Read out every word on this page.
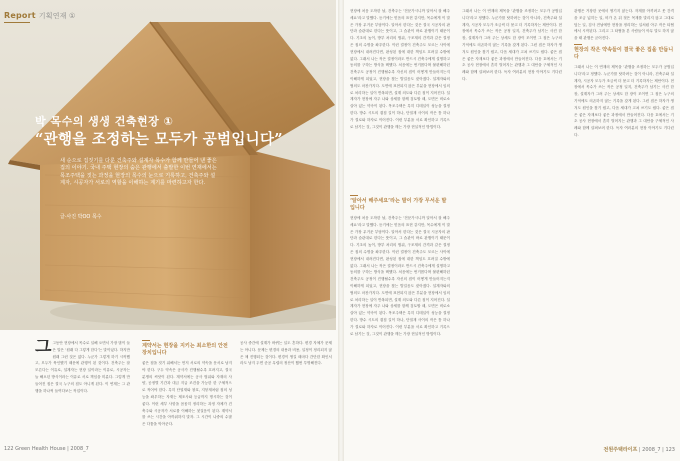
Report 기획연재 ①
박 목수의 생생 건축현장 ①
“관행을 조정하는 모두가 공범입니다”
새 순으로 집짓기를 다룬 건축주와 설계자 목수가 함께 만들어 낸 좋은 집의 이야기. 국내 주택 현장의 숨은 관행에서 출발한 이번 연재에서는 목조주택을 짓는 과정을 현장의 목수의 눈으로 기록하고, 건축주와 설계자, 시공자가 서로의 역할을 이해하는 계기를 마련하고자 한다.
글·사진 박OO 목수

그그동안 현장에서 목수로 일해 오면서 가장 많이 들은 말은 ‘원래 다 그렇게 한다’는 말이었다. 하지만 원래 그런 것은 없다. 누군가 그렇게 하기 시작했고, 모두가 묵인했기 때문에 관행이 된 것이다. 건축주는 잘 모른다는 이유로, 설계자는 현장 일이라는 이유로, 시공자는 늘 해오던 방식이라는 이유로 서로 책임을 미룬다. 그렇게 만들어진 집은 결국 누구의 집도 아니게 된다. 이 연재는 그 관행을 하나씩 들여다보는 작업이다.

계약서는 현장을 지키는 최소한의 안전장치입니다

좋은 집을 짓기 위해서는 먼저 서로의 약속을 문서로 남겨야 한다. 구두 약속은 공사가 진행될수록 흐려지고, 결국 분쟁의 씨앗이 된다. 계약서에는 공사 범위와 자재의 사양, 공정별 기간과 대금 지급 조건을 가능한 한 구체적으로 적어야 한다. 특히 단열재와 창호, 지붕재처럼 집의 성능을 좌우하는 자재는 제조사와 등급까지 명시하는 것이 좋다. 이런 세부 사항을 꼼꼼히 정리하는 과정 자체가 건축주와 시공자가 서로를 이해하는 첫걸음이 된다. 계약서를 쓰는 시간을 아까워하지 말자. 그 시간이 나중의 수많은 다툼을 막아준다.

공사 중간에 설계가 바뀌는 일도 흔하다. 변경 자체가 문제는 아니다. 문제는 변경의 내용과 비용, 일정이 정리되지 않은 채 진행되는 것이다. 변경이 생길 때마다 간단한 확인서라도 남겨 두면 준공 무렵의 정산이 훨씬 투명해진다.

현장에 처음 도착한 날, 건축주는 ‘전문가시니까 알아서 잘 해주세요’라고 말했다. 듣기에는 믿음의 표현 같지만, 목수에게 이 말은 가장 무거운 부담이다. 알아서 한다는 것은 결국 시공자의 판단과 습관대로 한다는 뜻이고, 그 습관이 바로 관행이기 때문이다. 기초의 높이, 방부 처리의 범위, 구조재의 간격과 같은 결정은 집의 수명을 좌우한다. 이런 결정이 건축주도 모르는 사이에 현장에서 내려진다면, 완성된 집에 대한 책임도 흐려질 수밖에 없다. 그래서 나는 작은 결정이라도 반드시 건축주에게 설명하고 동의를 구하는 방식을 택했다. 처음에는 번거롭다며 불편해하던 건축주도 공정이 진행될수록 자신의 집이 어떻게 만들어지는지 이해하게 되었고, 현장을 찾는 발걸음도 잦아졌다. 설계자와의 협의도 마찬가지다. 도면에 표현되지 않은 부분을 현장에서 임의로 처리하는 일이 반복되면, 설계 의도와 다른 집이 지어진다. 설계자가 현장에 자주 나와 상세를 함께 검토할 때, 도면은 비로소 살아 있는 약속이 된다. 목조주택은 특히 디테일이 성능을 결정한다. 방수 시트의 겹침 길이 하나, 단열재 사이의 작은 틈 하나가 결로와 하자로 이어진다. 이런 부분을 서로 확인하고 기록으로 남기는 것, 그것이 관행을 깨는 가장 현실적인 방법이다.

‘알아서 해주세요’라는 말이 가장 무서운 말입니다

현장에 처음 도착한 날, 건축주는 ‘전문가시니까 알아서 잘 해주세요’라고 말했다. 듣기에는 믿음의 표현 같지만, 목수에게 이 말은 가장 무거운 부담이다. 알아서 한다는 것은 결국 시공자의 판단과 습관대로 한다는 뜻이고, 그 습관이 바로 관행이기 때문이다. 기초의 높이, 방부 처리의 범위, 구조재의 간격과 같은 결정은 집의 수명을 좌우한다. 이런 결정이 건축주도 모르는 사이에 현장에서 내려진다면, 완성된 집에 대한 책임도 흐려질 수밖에 없다. 그래서 나는 작은 결정이라도 반드시 건축주에게 설명하고 동의를 구하는 방식을 택했다. 처음에는 번거롭다며 불편해하던 건축주도 공정이 진행될수록 자신의 집이 어떻게 만들어지는지 이해하게 되었고, 현장을 찾는 발걸음도 잦아졌다. 설계자와의 협의도 마찬가지다. 도면에 표현되지 않은 부분을 현장에서 임의로 처리하는 일이 반복되면, 설계 의도와 다른 집이 지어진다. 설계자가 현장에 자주 나와 상세를 함께 검토할 때, 도면은 비로소 살아 있는 약속이 된다. 목조주택은 특히 디테일이 성능을 결정한다. 방수 시트의 겹침 길이 하나, 단열재 사이의 작은 틈 하나가 결로와 하자로 이어진다. 이런 부분을 서로 확인하고 기록으로 남기는 것, 그것이 관행을 깨는 가장 현실적인 방법이다.

그래서 나는 이 연재의 제목을 ‘관행을 조정하는 모두가 공범입니다’라고 정했다. 누군가를 탓하려는 것이 아니라, 건축주와 설계자, 시공자 모두가 조금씩 더 묻고 더 기록하자는 제안이다. 현장에서 목수가 쓰는 작은 공정 일지, 건축주가 남기는 사진 한 장, 설계자가 그려 주는 상세도 한 장이 모이면 그 집은 누구의 기억에도 의존하지 않는 기록을 갖게 된다. 그런 집은 하자가 생겨도 원인을 찾기 쉽고, 다음 세대가 고쳐 쓰기도 쉽다. 좋은 집은 좋은 자재보다 좋은 과정에서 만들어진다. 다음 호에서는 기초 공사 현장에서 흔히 벌어지는 관행과 그 대안을 구체적인 사례와 함께 살펴보려 한다. 독자 여러분의 현장 이야기도 기다린다.

관행은 거창한 곳에서 생기지 않는다. 자재를 아끼려고 못 간격을 조금 넓히는 일, 비가 온 뒤 젖은 목재를 말리지 않고 그대로 덮는 일, 검사 전날에만 현장을 정리하는 일처럼 아주 작은 타협에서 시작된다. 그리고 그 타협을 본 사람들이 아무 말도 하지 않을 때 관행은 굳어진다.

현장의 작은 약속들이 결국 좋은 집을 만듭니다

그래서 나는 이 연재의 제목을 ‘관행을 조정하는 모두가 공범입니다’라고 정했다. 누군가를 탓하려는 것이 아니라, 건축주와 설계자, 시공자 모두가 조금씩 더 묻고 더 기록하자는 제안이다. 현장에서 목수가 쓰는 작은 공정 일지, 건축주가 남기는 사진 한 장, 설계자가 그려 주는 상세도 한 장이 모이면 그 집은 누구의 기억에도 의존하지 않는 기록을 갖게 된다. 그런 집은 하자가 생겨도 원인을 찾기 쉽고, 다음 세대가 고쳐 쓰기도 쉽다. 좋은 집은 좋은 자재보다 좋은 과정에서 만들어진다. 다음 호에서는 기초 공사 현장에서 흔히 벌어지는 관행과 그 대안을 구체적인 사례와 함께 살펴보려 한다. 독자 여러분의 현장 이야기도 기다린다.

122 Green Health House | 2008_7	전원주택라이프 | 2008_7 | 123
